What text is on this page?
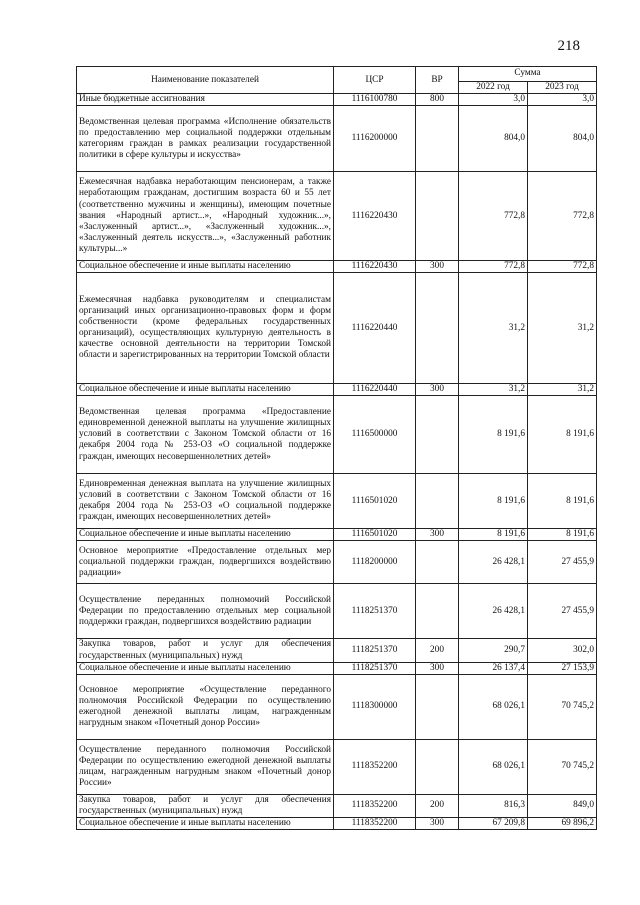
218
Наименование показателей	ЦСР	ВР	Сумма	
			2022 год	2023 год
Иные бюджетные ассигнования	1116100780	800	3,0	3,0
Ведомственная целевая программа «Исполнение обязательств по предоставлению мер социальной поддержки отдельным категориям граждан в рамках реализации государственной политики в сфере культуры и искусства»	1116200000		804,0	804,0
Ежемесячная надбавка неработающим пенсионерам, а также неработающим гражданам, достигшим возраста 60 и 55 лет (соответственно мужчины и женщины), имеющим почетные звания «Народный артист...», «Народный художник...», «Заслуженный артист...», «Заслуженный художник...», «Заслуженный деятель искусств...», «Заслуженный работник культуры...»	1116220430		772,8	772,8
Социальное обеспечение и иные выплаты населению	1116220430	300	772,8	772,8
Ежемесячная надбавка руководителям и специалистам организаций иных организационно-правовых форм и форм собственности (кроме федеральных государственных организаций), осуществляющих культурную деятельность в качестве основной деятельности на территории Томской области и зарегистрированных на территории Томской области	1116220440		31,2	31,2
Социальное обеспечение и иные выплаты населению	1116220440	300	31,2	31,2
Ведомственная целевая программа «Предоставление единовременной денежной выплаты на улучшение жилищных условий в соответствии с Законом Томской области от 16 декабря 2004 года № 253-ОЗ «О социальной поддержке граждан, имеющих несовершеннолетних детей»	1116500000		8 191,6	8 191,6
Единовременная денежная выплата на улучшение жилищных условий в соответствии с Законом Томской области от 16 декабря 2004 года № 253-ОЗ «О социальной поддержке граждан, имеющих несовершеннолетних детей»	1116501020		8 191,6	8 191,6
Социальное обеспечение и иные выплаты населению	1116501020	300	8 191,6	8 191,6
Основное мероприятие «Предоставление отдельных мер социальной поддержки граждан, подвергшихся воздействию радиации»	1118200000		26 428,1	27 455,9
Осуществление переданных полномочий Российской Федерации по предоставлению отдельных мер социальной поддержки граждан, подвергшихся воздействию радиации	1118251370		26 428,1	27 455,9
Закупка товаров, работ и услуг для обеспечения государственных (муниципальных) нужд	1118251370	200	290,7	302,0
Социальное обеспечение и иные выплаты населению	1118251370	300	26 137,4	27 153,9
Основное мероприятие «Осуществление переданного полномочия Российской Федерации по осуществлению ежегодной денежной выплаты лицам, награжденным нагрудным знаком «Почетный донор России»	1118300000		68 026,1	70 745,2
Осуществление переданного полномочия Российской Федерации по осуществлению ежегодной денежной выплаты лицам, награжденным нагрудным знаком «Почетный донор России»	1118352200		68 026,1	70 745,2
Закупка товаров, работ и услуг для обеспечения государственных (муниципальных) нужд	1118352200	200	816,3	849,0
Социальное обеспечение и иные выплаты населению	1118352200	300	67 209,8	69 896,2
